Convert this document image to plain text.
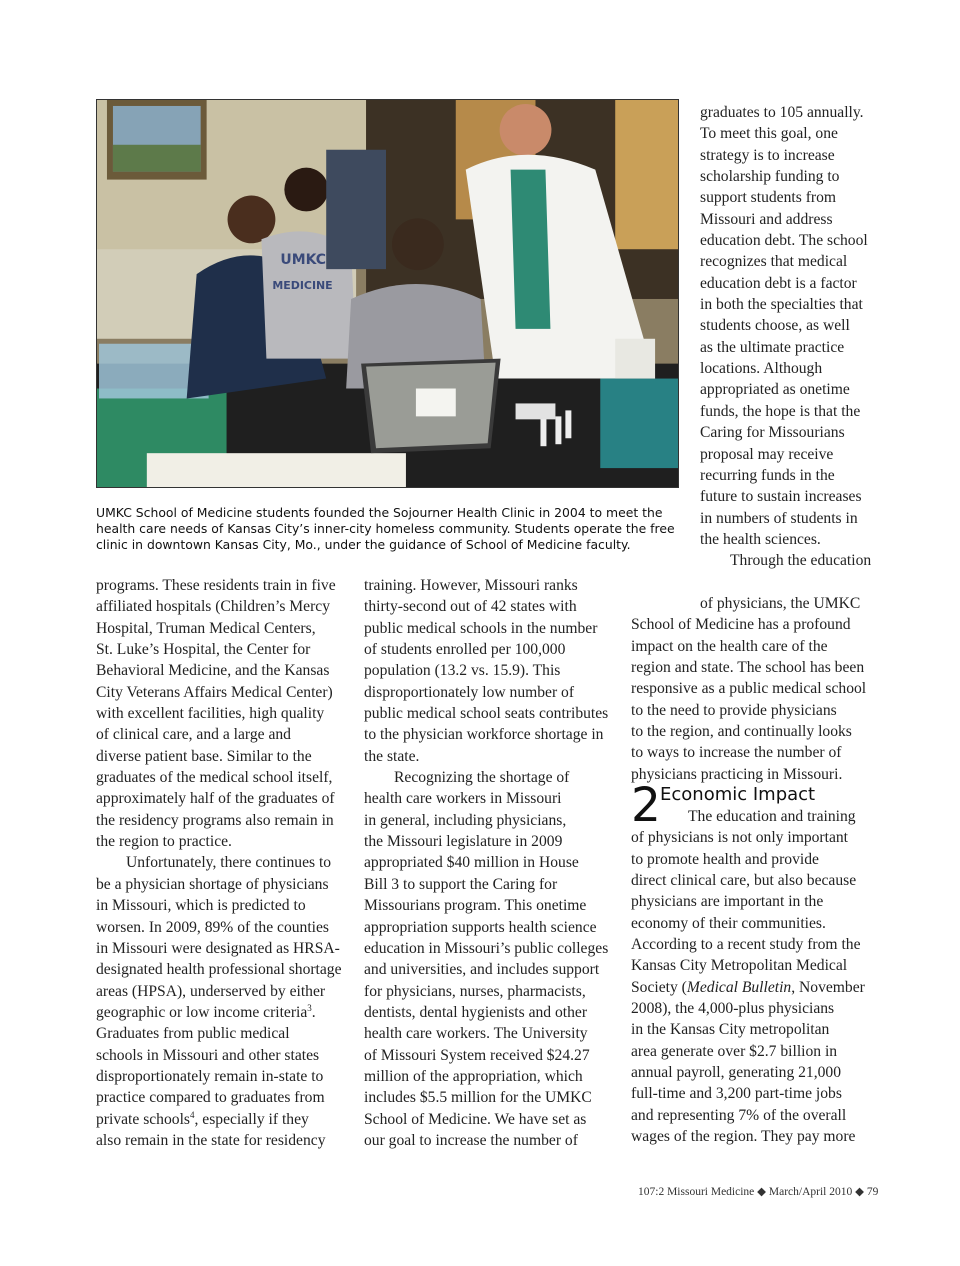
UMKC
MEDICINE

UMKC School of Medicine students founded the Sojourner Health Clinic in 2004 to meet the

health care needs of Kansas City’s inner-city homeless community. Students operate the free

clinic in downtown Kansas City, Mo., under the guidance of School of Medicine faculty.

programs. These residents train in five

affiliated hospitals (Children’s Mercy

Hospital, Truman Medical Centers,

St. Luke’s Hospital, the Center for

Behavioral Medicine, and the Kansas

City Veterans Affairs Medical Center)

with excellent facilities, high quality

of clinical care, and a large and

diverse patient base. Similar to the

graduates of the medical school itself,

approximately half of the graduates of

the residency programs also remain in

the region to practice.

Unfortunately, there continues to

be a physician shortage of physicians

in Missouri, which is predicted to

worsen. In 2009, 89% of the counties

in Missouri were designated as HRSA-

designated health professional shortage

areas (HPSA), underserved by either

geographic or low income criteria$^3$.

Graduates from public medical

schools in Missouri and other states

disproportionately remain in-state to

practice compared to graduates from

private schools$^4$, especially if they

also remain in the state for residency

training. However, Missouri ranks

thirty-second out of 42 states with

public medical schools in the number

of students enrolled per 100,000

population (13.2 vs. 15.9). This

disproportionately low number of

public medical school seats contributes

to the physician workforce shortage in

the state.

Recognizing the shortage of

health care workers in Missouri

in general, including physicians,

the Missouri legislature in 2009

appropriated $40 million in House

Bill 3 to support the Caring for

Missourians program. This onetime

appropriation supports health science

education in Missouri’s public colleges

and universities, and includes support

for physicians, nurses, pharmacists,

dentists, dental hygienists and other

health care workers. The University

of Missouri System received $24.27

million of the appropriation, which

includes $5.5 million for the UMKC

School of Medicine. We have set as

our goal to increase the number of

graduates to 105 annually.

To meet this goal, one

strategy is to increase

scholarship funding to

support students from

Missouri and address

education debt. The school

recognizes that medical

education debt is a factor

in both the specialties that

students choose, as well

as the ultimate practice

locations. Although

appropriated as onetime

funds, the hope is that the

Caring for Missourians

proposal may receive

recurring funds in the

future to sustain increases

in numbers of students in

the health sciences.

Through the education

of physicians, the UMKC

School of Medicine has a profound

impact on the health care of the

region and state. The school has been

responsive as a public medical school

to the need to provide physicians

to the region, and continually looks

to ways to increase the number of

physicians practicing in Missouri.

2 Economic Impact

The education and training

of physicians is not only important

to promote health and provide

direct clinical care, but also because

physicians are important in the

economy of their communities.

According to a recent study from the

Kansas City Metropolitan Medical

Society (Medical Bulletin, November

2008), the 4,000-plus physicians

in the Kansas City metropolitan

area generate over $2.7 billion in

annual payroll, generating 21,000

full-time and 3,200 part-time jobs

and representing 7% of the overall

wages of the region. They pay more

107:2 Missouri Medicine ◆ March/April 2010 ◆ 79
